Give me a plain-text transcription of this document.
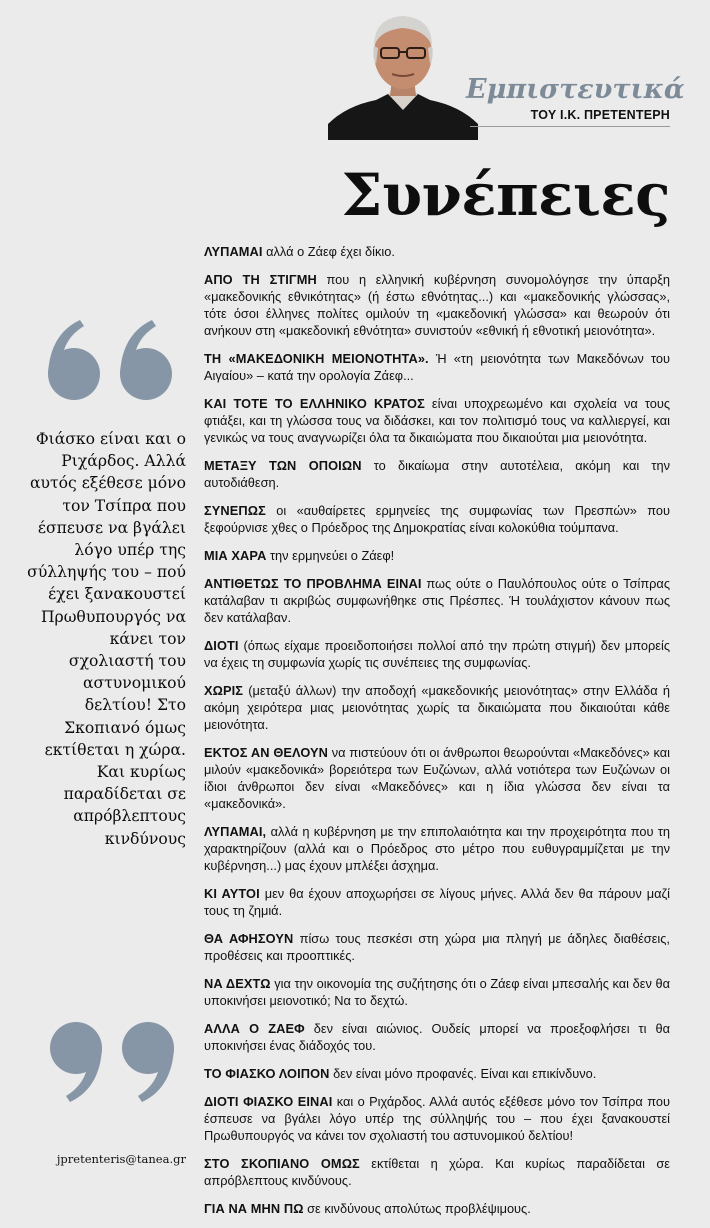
Εμπιστευτικά
ΤΟΥ Ι.Κ. ΠΡΕΤΕΝΤΕΡΗ
Συνέπειες
Φιάσκο είναι και ο Ριχάρδος. Αλλά αυτός εξέθεσε μόνο τον Τσίπρα που έσπευσε να βγάλει λόγο υπέρ της σύλληψής του – πού έχει ξανακουστεί Πρωθυπουργός να κάνει τον σχολιαστή του αστυνομικού δελτίου! Στο Σκοπιανό όμως εκτίθεται η χώρα. Και κυρίως παραδίδεται σε απρόβλεπτους κινδύνους
jpretenteris@tanea.gr

ΛΥΠΑΜΑΙ αλλά ο Ζάεφ έχει δίκιο.

ΑΠΟ ΤΗ ΣΤΙΓΜΗ που η ελληνική κυβέρνηση συνομολόγησε την ύπαρξη «μακεδονικής εθνικότητας» (ή έστω εθνότητας...) και «μακεδονικής γλώσσας», τότε όσοι έλληνες πολίτες ομιλούν τη «μακεδονική γλώσσα» και θεωρούν ότι ανήκουν στη «μακεδονική εθνότητα» συνιστούν «εθνική ή εθνοτική μειονότητα».

ΤΗ «ΜΑΚΕΔΟΝΙΚΗ ΜΕΙΟΝΟΤΗΤΑ». Ή «τη μειονότητα των Μακεδόνων του Αιγαίου» – κατά την ορολογία Ζάεφ...

ΚΑΙ ΤΟΤΕ ΤΟ ΕΛΛΗΝΙΚΟ ΚΡΑΤΟΣ είναι υποχρεωμένο και σχολεία να τους φτιάξει, και τη γλώσσα τους να διδάσκει, και τον πολιτισμό τους να καλλιεργεί, και γενικώς να τους αναγνωρίζει όλα τα δικαιώματα που δικαιούται μια μειονότητα.

ΜΕΤΑΞΥ ΤΩΝ ΟΠΟΙΩΝ το δικαίωμα στην αυτοτέλεια, ακόμη και την αυτοδιάθεση.

ΣΥΝΕΠΩΣ οι «αυθαίρετες ερμηνείες της συμφωνίας των Πρεσπών» που ξεφούρνισε χθες ο Πρόεδρος της Δημοκρατίας είναι κολοκύθια τούμπανα.

ΜΙΑ ΧΑΡΑ την ερμηνεύει ο Ζάεφ!

ΑΝΤΙΘΕΤΩΣ ΤΟ ΠΡΟΒΛΗΜΑ ΕΙΝΑΙ πως ούτε ο Παυλόπουλος ούτε ο Τσίπρας κατάλαβαν τι ακριβώς συμφωνήθηκε στις Πρέσπες. Ή τουλάχιστον κάνουν πως δεν κατάλαβαν.

ΔΙΟΤΙ (όπως είχαμε προειδοποιήσει πολλοί από την πρώτη στιγμή) δεν μπορείς να έχεις τη συμφωνία χωρίς τις συνέπειες της συμφωνίας.

ΧΩΡΙΣ (μεταξύ άλλων) την αποδοχή «μακεδονικής μειονότητας» στην Ελλάδα ή ακόμη χειρότερα μιας μειονότητας χωρίς τα δικαιώματα που δικαιούται κάθε μειονότητα.

ΕΚΤΟΣ ΑΝ ΘΕΛΟΥΝ να πιστεύουν ότι οι άνθρωποι θεωρούνται «Μακεδόνες» και μιλούν «μακεδονικά» βορειότερα των Ευζώνων, αλλά νοτιότερα των Ευζώνων οι ίδιοι άνθρωποι δεν είναι «Μακεδόνες» και η ίδια γλώσσα δεν είναι τα «μακεδονικά».

ΛΥΠΑΜΑΙ, αλλά η κυβέρνηση με την επιπολαιότητα και την προχειρότητα που τη χαρακτηρίζουν (αλλά και ο Πρόεδρος στο μέτρο που ευθυγραμμίζεται με την κυβέρνηση...) μας έχουν μπλέξει άσχημα.

ΚΙ ΑΥΤΟΙ μεν θα έχουν αποχωρήσει σε λίγους μήνες. Αλλά δεν θα πάρουν μαζί τους τη ζημιά.

ΘΑ ΑΦΗΣΟΥΝ πίσω τους πεσκέσι στη χώρα μια πληγή με άδηλες διαθέσεις, προθέσεις και προοπτικές.

ΝΑ ΔΕΧΤΩ για την οικονομία της συζήτησης ότι ο Ζάεφ είναι μπεσαλής και δεν θα υποκινήσει μειονοτικό; Να το δεχτώ.

ΑΛΛΑ Ο ΖΑΕΦ δεν είναι αιώνιος. Ουδείς μπορεί να προεξοφλήσει τι θα υποκινήσει ένας διάδοχός του.

ΤΟ ΦΙΑΣΚΟ ΛΟΙΠΟΝ δεν είναι μόνο προφανές. Είναι και επικίνδυνο.

ΔΙΟΤΙ ΦΙΑΣΚΟ ΕΙΝΑΙ και ο Ριχάρδος. Αλλά αυτός εξέθεσε μόνο τον Τσίπρα που έσπευσε να βγάλει λόγο υπέρ της σύλληψής του – που έχει ξανακουστεί Πρωθυπουργός να κάνει τον σχολιαστή του αστυνομικού δελτίου!

ΣΤΟ ΣΚΟΠΙΑΝΟ ΟΜΩΣ εκτίθεται η χώρα. Και κυρίως παραδίδεται σε απρόβλεπτους κινδύνους.

ΓΙΑ ΝΑ ΜΗΝ ΠΩ σε κινδύνους απολύτως προβλέψιμους.
